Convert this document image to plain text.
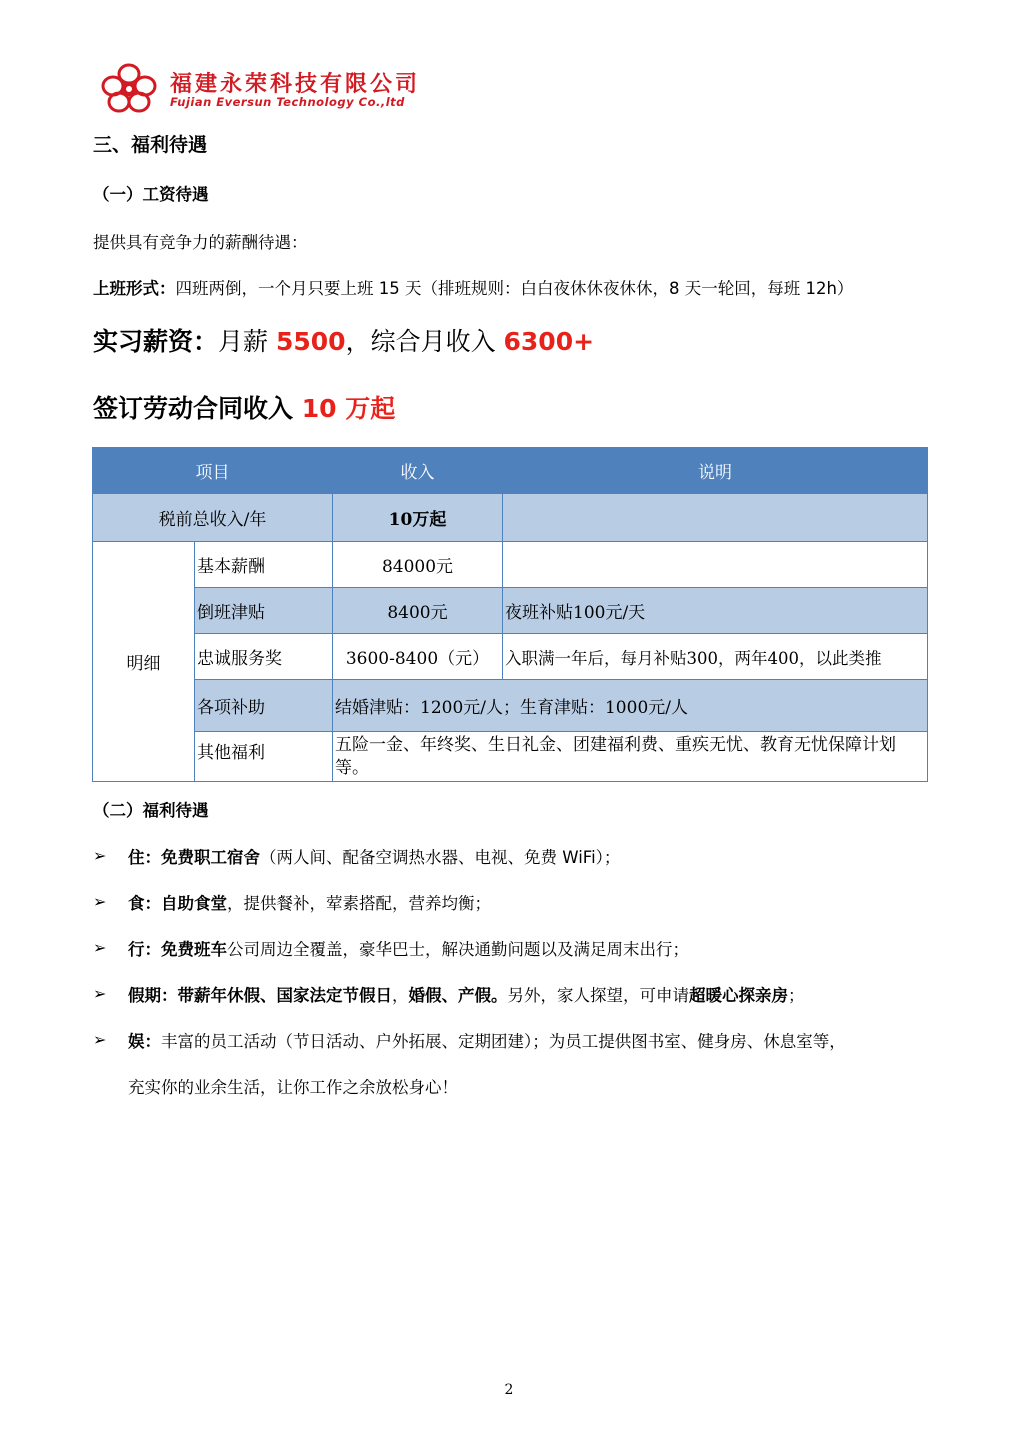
福建永荣科技有限公司
Fujian Eversun Technology Co.,ltd
三、福利待遇
（一）工资待遇
提供具有竞争力的薪酬待遇：
上班形式：四班两倒，一个月只要上班 15 天（排班规则：白白夜休休夜休休，8 天一轮回，每班 12h）
实习薪资：月薪 5500，综合月收入 6300+
签订劳动合同收入 10 万起
项目		收入	说明
税前总收入/年		10万起	
明细	基本薪酬	84000元	
	倒班津贴	8400元	夜班补贴100元/天
	忠诚服务奖	3600-8400（元）	入职满一年后，每月补贴300，两年400，以此类推
	各项补助	结婚津贴：1200元/人；生育津贴：1000元/人	
	其他福利	五险一金、年终奖、生日礼金、团建福利费、重疾无忧、教育无忧保障计划等。	
（二）福利待遇
➢ 住：免费职工宿舍（两人间、配备空调热水器、电视、免费 WiFi）；
➢ 食：自助食堂，提供餐补，荤素搭配，营养均衡；
➢ 行：免费班车公司周边全覆盖，豪华巴士，解决通勤问题以及满足周末出行；
➢ 假期：带薪年休假、国家法定节假日，婚假、产假。另外，家人探望，可申请超暖心探亲房；
➢ 娱：丰富的员工活动（节日活动、户外拓展、定期团建）；为员工提供图书室、健身房、休息室等，
充实你的业余生活，让你工作之余放松身心！
2
